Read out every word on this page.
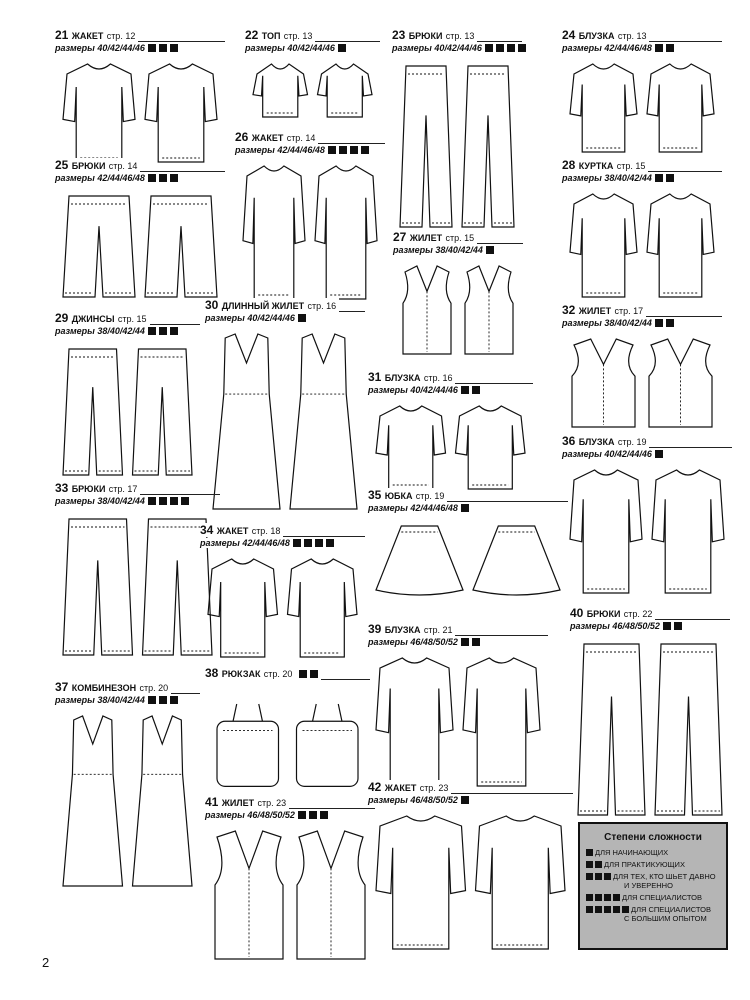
21 ЖАКЕТ стр. 12
размеры 40/42/44/46
22 ТОП стр. 13
размеры 40/42/44/46
23 БРЮКИ стр. 13
размеры 40/42/44/46
24 БЛУЗКА стр. 13
размеры 42/44/46/48
25 БРЮКИ стр. 14
размеры 42/44/46/48
26 ЖАКЕТ стр. 14
размеры 42/44/46/48
27 ЖИЛЕТ стр. 15
размеры 38/40/42/44
28 КУРТКА стр. 15
размеры 38/40/42/44
29 ДЖИНСЫ стр. 15
размеры 38/40/42/44
30 ДЛИННЫЙ ЖИЛЕТ стр. 16
размеры 40/42/44/46
31 БЛУЗКА стр. 16
размеры 40/42/44/46
32 ЖИЛЕТ стр. 17
размеры 38/40/42/44
33 БРЮКИ стр. 17
размеры 38/40/42/44
34 ЖАКЕТ стр. 18
размеры 42/44/46/48
35 ЮБКА стр. 19
размеры 42/44/46/48
36 БЛУЗКА стр. 19
размеры 40/42/44/46
37 КОМБИНЕЗОН стр. 20
размеры 38/40/42/44
38 РЮКЗАК стр. 20
39 БЛУЗКА стр. 21
размеры 46/48/50/52
40 БРЮКИ стр. 22
размеры 46/48/50/52
41 ЖИЛЕТ стр. 23
размеры 46/48/50/52
42 ЖАКЕТ стр. 23
размеры 46/48/50/52
2
Степени сложности
ДЛЯ НАЧИНАЮЩИХ
ДЛЯ ПРАКТИКУЮЩИХ
ДЛЯ ТЕХ, КТО ШЬЕТ ДАВНО
И УВЕРЕННО
ДЛЯ СПЕЦИАЛИСТОВ
ДЛЯ СПЕЦИАЛИСТОВ
С БОЛЬШИМ ОПЫТОМ
